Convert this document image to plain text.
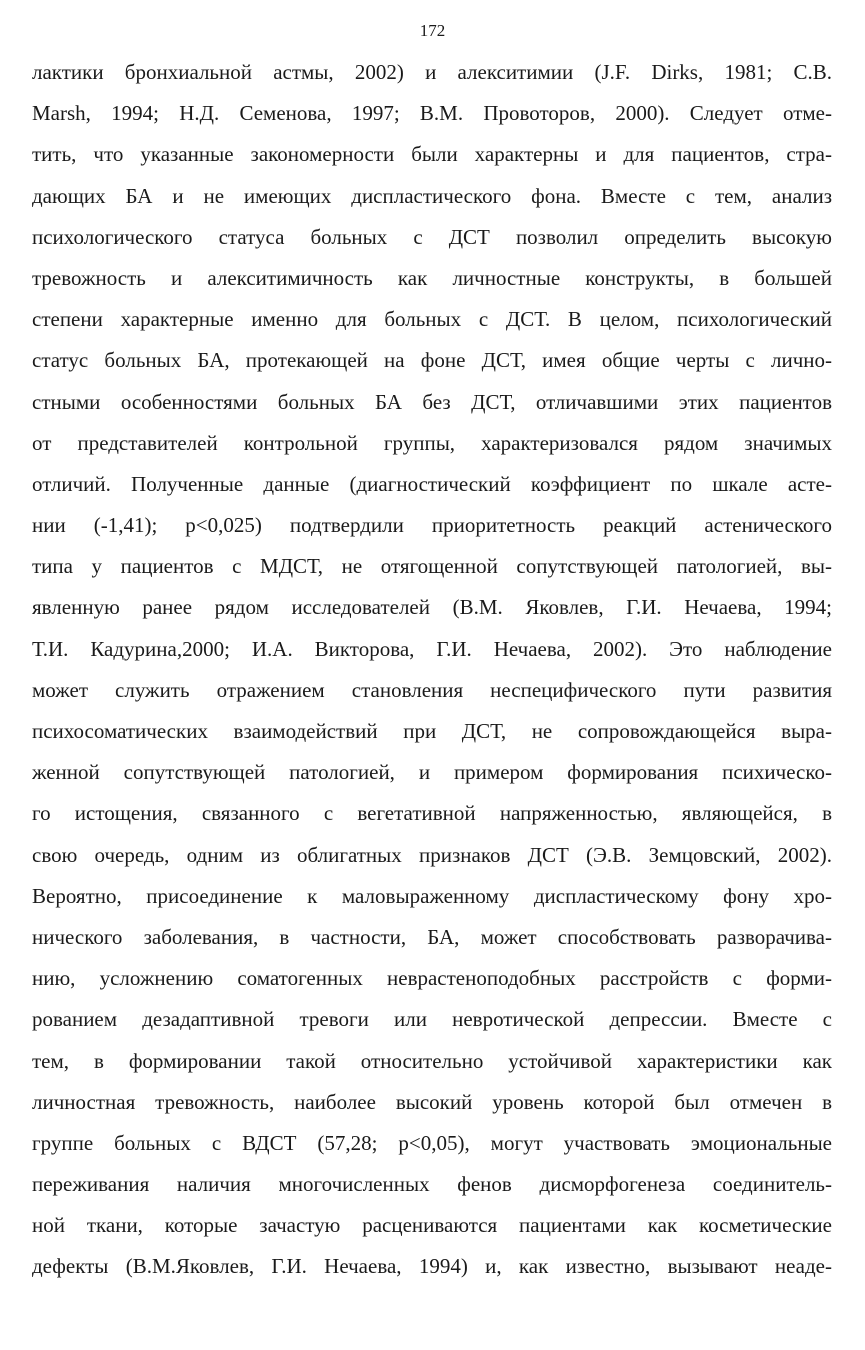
172
лактики бронхиальной астмы, 2002) и алекситимии (J.F. Dirks, 1981; С.В.
Marsh, 1994; Н.Д. Семенова, 1997; В.М. Провоторов, 2000). Следует отме-
тить, что указанные закономерности были характерны и для пациентов, стра-
дающих БА и не имеющих диспластического фона. Вместе с тем, анализ
психологического статуса больных с ДСТ позволил определить высокую
тревожность и алекситимичность как личностные конструкты, в большей
степени характерные именно для больных с ДСТ. В целом, психологический
статус больных БА, протекающей на фоне ДСТ, имея общие черты с лично-
стными особенностями больных БА без ДСТ, отличавшими этих пациентов
от представителей контрольной группы, характеризовался рядом значимых
отличий. Полученные данные (диагностический коэффициент по шкале асте-
нии (-1,41); p<0,025) подтвердили приоритетность реакций астенического
типа у пациентов с МДСТ, не отягощенной сопутствующей патологией, вы-
явленную ранее рядом исследователей (В.М. Яковлев, Г.И. Нечаева, 1994;
Т.И. Кадурина,2000; И.А. Викторова, Г.И. Нечаева, 2002). Это наблюдение
может служить отражением становления неспецифического пути развития
психосоматических взаимодействий при ДСТ, не сопровождающейся выра-
женной сопутствующей патологией, и примером формирования психическо-
го истощения, связанного с вегетативной напряженностью, являющейся, в
свою очередь, одним из облигатных признаков ДСТ (Э.В. Земцовский, 2002).
Вероятно, присоединение к маловыраженному диспластическому фону хро-
нического заболевания, в частности, БА, может способствовать разворачива-
нию, усложнению соматогенных неврастеноподобных расстройств с форми-
рованием дезадаптивной тревоги или невротической депрессии. Вместе с
тем, в формировании такой относительно устойчивой характеристики как
личностная тревожность, наиболее высокий уровень которой был отмечен в
группе больных с ВДСТ (57,28; p<0,05), могут участвовать эмоциональные
переживания наличия многочисленных фенов дисморфогенеза соединитель-
ной ткани, которые зачастую расцениваются пациентами как косметические
дефекты (В.М.Яковлев, Г.И. Нечаева, 1994) и, как известно, вызывают неаде-
